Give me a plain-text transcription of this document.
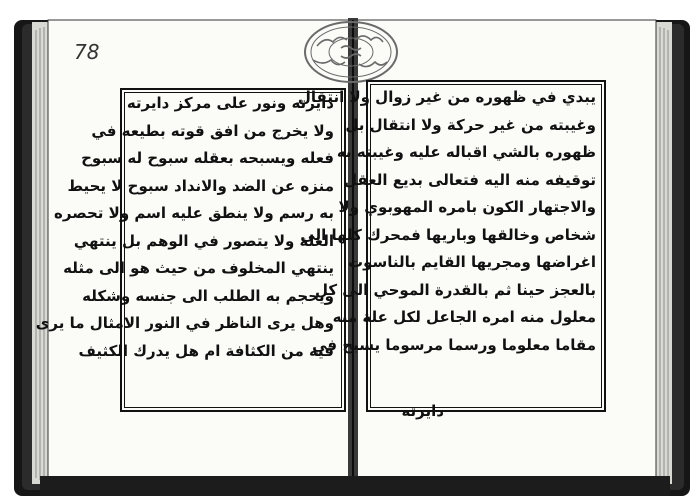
78
دايرته ونور على مركز دايرته
ولا يخرج من افق قوته بطيعه في
فعله ويسبحه بعقله سبوح له سبوح
منزه عن الضد والانداد سبوح لا يحيط
به رسم ولا ينطق عليه اسم ولا تحصره
العلة ولا يتصور في الوهم بل ينتهي
ينتهي المخلوف من حيث هو الى مثله
ويحجم به الطلب الى جنسه وشكله
وهل يرى الناظر في النور الامثال ما يرى
فيه من الكثافة ام هل يدرك الكثيف
يبدي في ظهوره من غير زوال ولا انتقال
وغيبته من غير حركة ولا انتقال بل
ظهوره بالشي اقباله عليه وغيبته به
توقيفه منه اليه فتعالى بديع العقل
والاجتهار الكون بامره المهوبوي ولا
شخاص وخالقها وباريها فمحرك كلها الى
اغراضها ومجريها القايم بالناسوت
بالعجز حينا ثم بالقدرة الموحي الى كل
معلول منه امره الجاعل لكل علة منه
مقاما معلوما ورسما مرسوما يسبح في
دايرته
